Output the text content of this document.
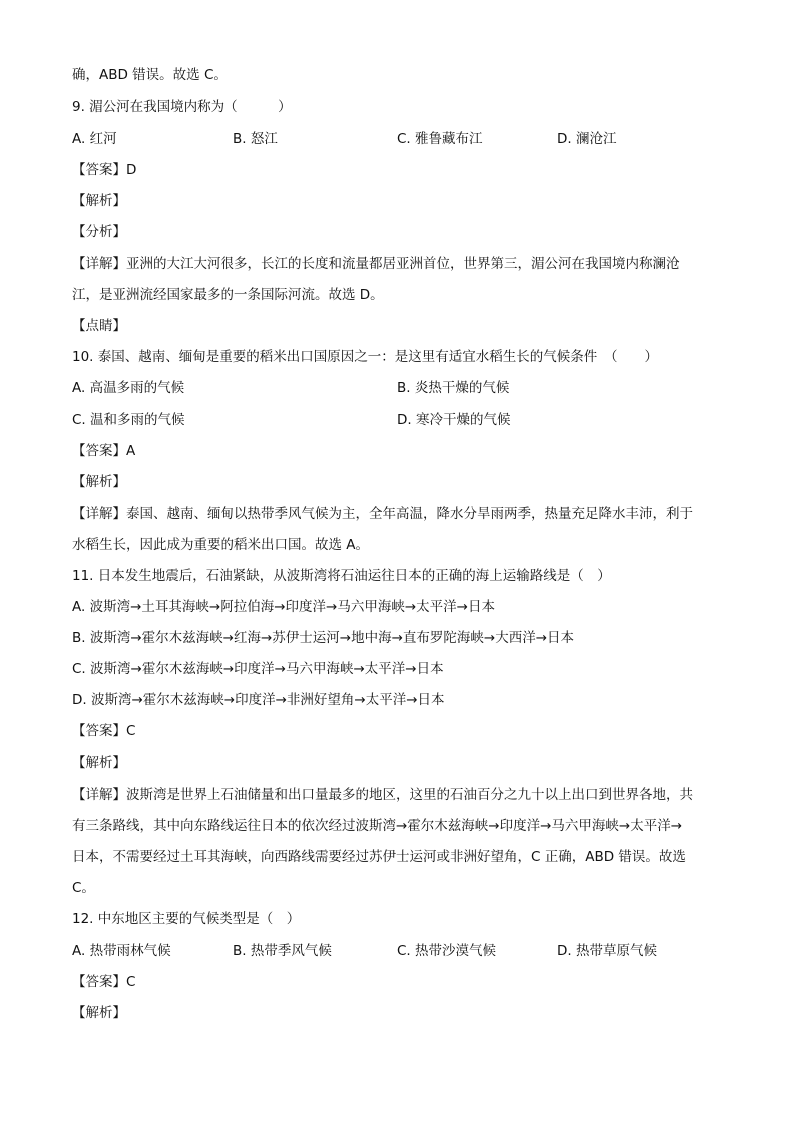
确，ABD 错误。故选 C。
9. 湄公河在我国境内称为（　　　）
A. 红河	B. 怒江	C. 雅鲁藏布江	D. 澜沧江
【答案】D
【解析】
【分析】
【详解】亚洲的大江大河很多，长江的长度和流量都居亚洲首位，世界第三，湄公河在我国境内称澜沧
江，是亚洲流经国家最多的一条国际河流。故选 D。
【点睛】
10. 泰国、越南、缅甸是重要的稻米出口国原因之一：是这里有适宜水稻生长的气候条件　（　　）
A. 高温多雨的气候	B. 炎热干燥的气候
C. 温和多雨的气候	D. 寒冷干燥的气候
【答案】A
【解析】
【详解】泰国、越南、缅甸以热带季风气候为主，全年高温，降水分旱雨两季，热量充足降水丰沛，利于
水稻生长，因此成为重要的稻米出口国。故选 A。
11. 日本发生地震后，石油紧缺，从波斯湾将石油运往日本的正确的海上运输路线是（　）
A. 波斯湾→土耳其海峡→阿拉伯海→印度洋→马六甲海峡→太平洋→日本
B. 波斯湾→霍尔木兹海峡→红海→苏伊士运河→地中海→直布罗陀海峡→大西洋→日本
C. 波斯湾→霍尔木兹海峡→印度洋→马六甲海峡→太平洋→日本
D. 波斯湾→霍尔木兹海峡→印度洋→非洲好望角→太平洋→日本
【答案】C
【解析】
【详解】波斯湾是世界上石油储量和出口量最多的地区，这里的石油百分之九十以上出口到世界各地，共
有三条路线，其中向东路线运往日本的依次经过波斯湾→霍尔木兹海峡→印度洋→马六甲海峡→太平洋→
日本，不需要经过土耳其海峡，向西路线需要经过苏伊士运河或非洲好望角，C 正确，ABD 错误。故选
C。
12. 中东地区主要的气候类型是（　）
A. 热带雨林气候	B. 热带季风气候	C. 热带沙漠气候	D. 热带草原气候
【答案】C
【解析】
